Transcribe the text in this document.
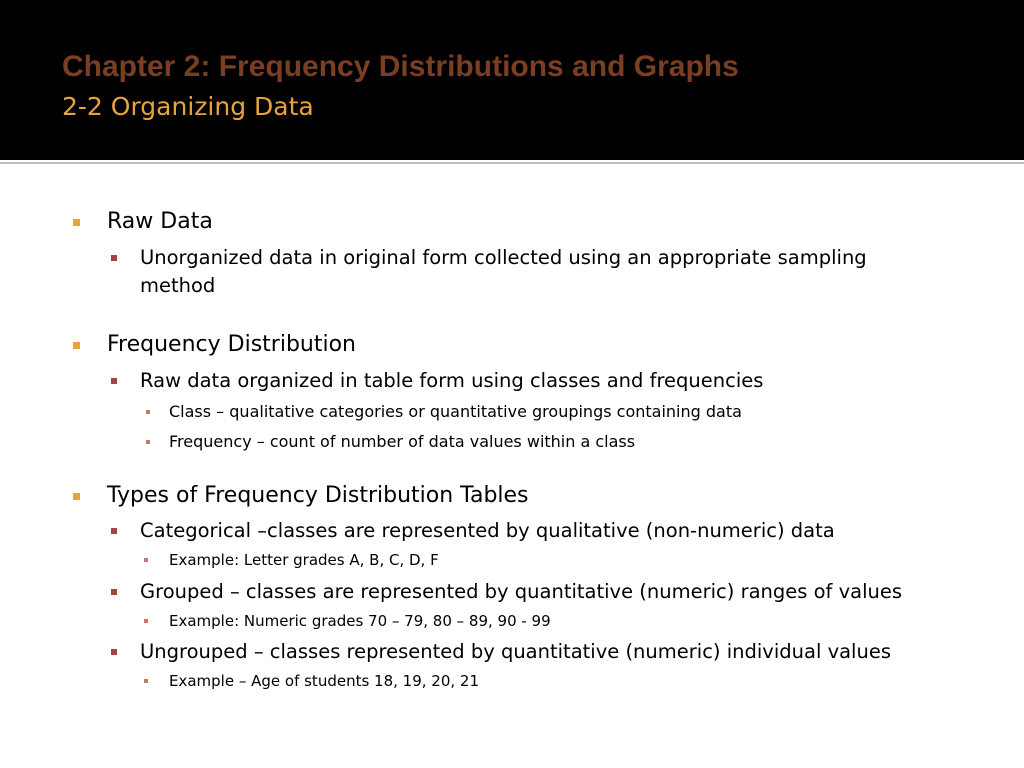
Chapter 2: Frequency Distributions and Graphs
2-2 Organizing Data
Raw Data
Unorganized data in original form collected using an appropriate sampling
method
Frequency Distribution
Raw data organized in table form using classes and frequencies
Class – qualitative categories or quantitative groupings containing data
Frequency – count of number of data values within a class
Types of Frequency Distribution Tables
Categorical –classes are represented by qualitative (non-numeric) data
Example: Letter grades A, B, C, D, F
Grouped – classes are represented by quantitative (numeric) ranges of values
Example: Numeric grades 70 – 79, 80 – 89, 90 - 99
Ungrouped – classes represented by quantitative (numeric) individual values
Example – Age of students 18, 19, 20, 21
